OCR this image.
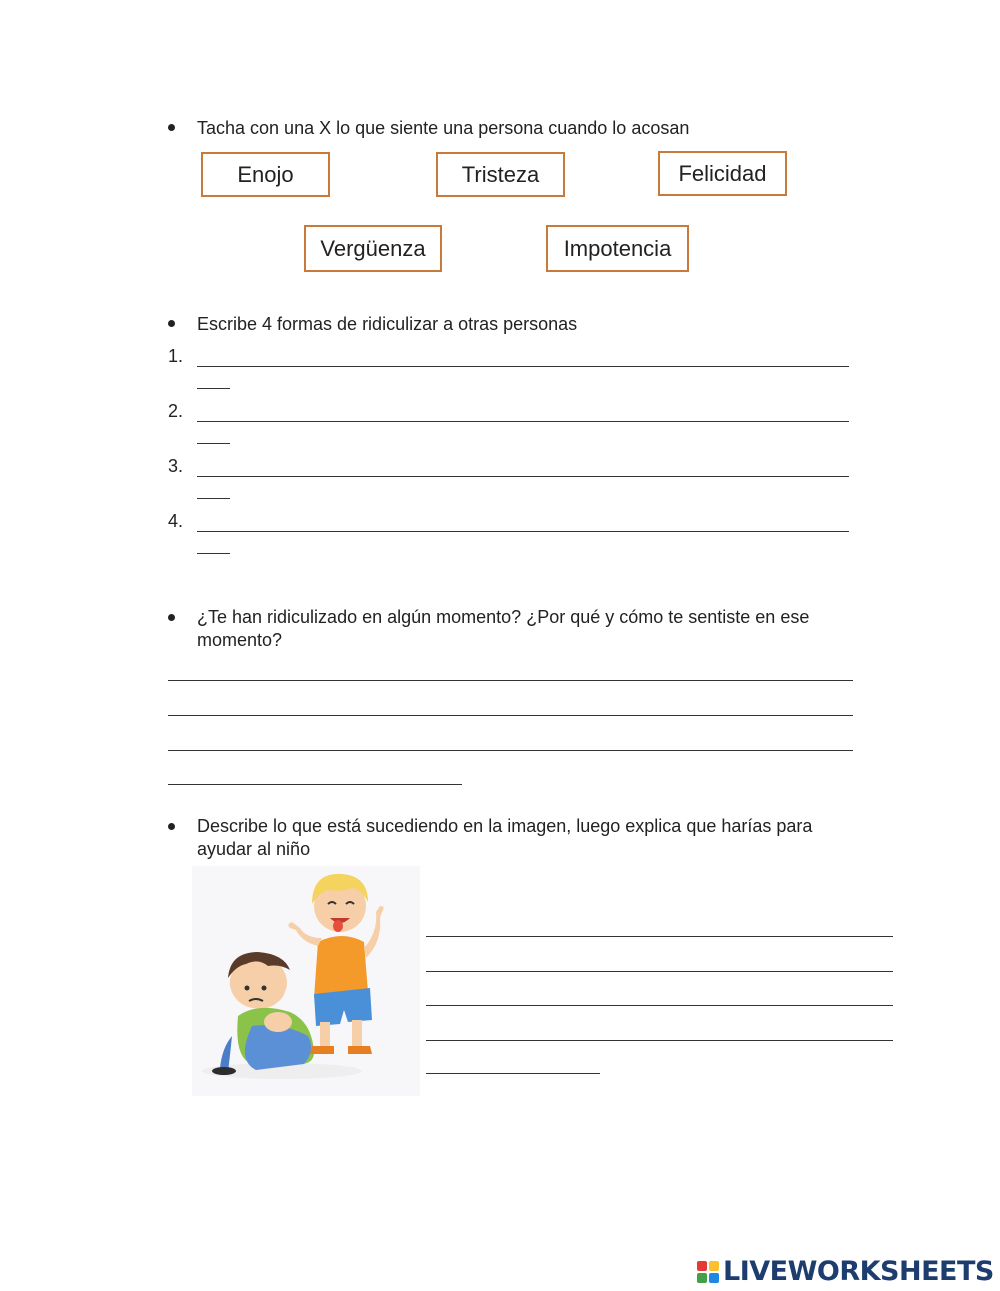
Tacha con una X lo que siente una persona cuando lo acosan
Enojo	Tristeza	Felicidad
Vergüenza	Impotencia
Escribe 4 formas de ridiculizar a otras personas
1.
2.
3.
4.
¿Te han ridiculizado en algún momento? ¿Por qué y cómo te sentiste en ese momento?
Describe lo que está sucediendo en la imagen, luego explica que harías para ayudar al niño
LIVEWORKSHEETS
